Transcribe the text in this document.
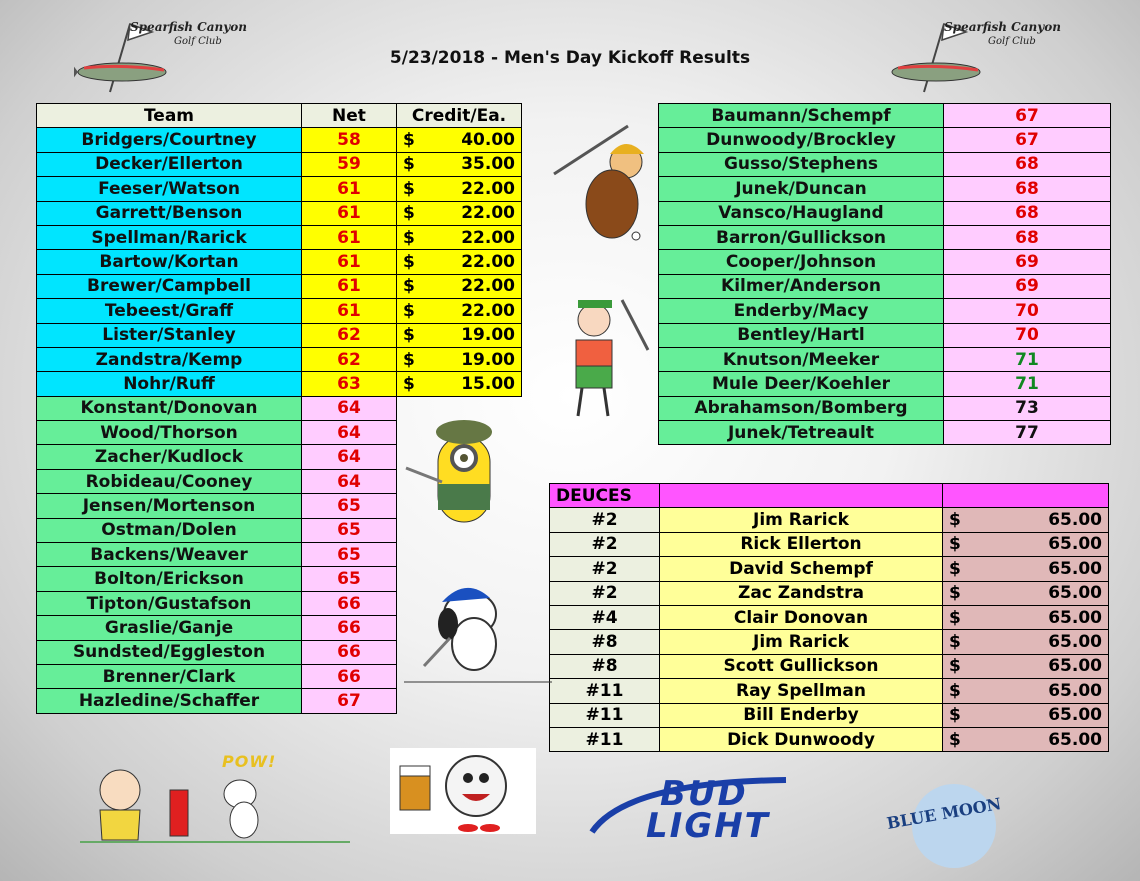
5/23/2018 - Men's Day Kickoff Results
Spearfish Canyon
Golf Club
Spearfish Canyon
Golf Club
Team	Net	Credit/Ea.
Bridgers/Courtney	58	$ 40.00

Decker/Ellerton	59	$ 35.00

Feeser/Watson	61	$ 22.00

Garrett/Benson	61	$ 22.00

Spellman/Rarick	61	$ 22.00

Bartow/Kortan	61	$ 22.00

Brewer/Campbell	61	$ 22.00

Tebeest/Graff	61	$ 22.00

Lister/Stanley	62	$ 19.00

Zandstra/Kemp	62	$ 19.00

Nohr/Ruff	63	$ 15.00

Konstant/Donovan	64	
Wood/Thorson	64	
Zacher/Kudlock	64	
Robideau/Cooney	64	
Jensen/Mortenson	65	
Ostman/Dolen	65	
Backens/Weaver	65	
Bolton/Erickson	65	
Tipton/Gustafson	66	
Graslie/Ganje	66	
Sundsted/Eggleston	66	
Brenner/Clark	66	
Hazledine/Schaffer	67	
Baumann/Schempf	67
Dunwoody/Brockley	67
Gusso/Stephens	68
Junek/Duncan	68
Vansco/Haugland	68
Barron/Gullickson	68
Cooper/Johnson	69
Kilmer/Anderson	69
Enderby/Macy	70
Bentley/Hartl	70
Knutson/Meeker	71
Mule Deer/Koehler	71
Abrahamson/Bomberg	73
Junek/Tetreault	77
DEUCES		
#2	Jim Rarick	$ 65.00

#2	Rick Ellerton	$ 65.00

#2	David Schempf	$ 65.00

#2	Zac Zandstra	$ 65.00

#4	Clair Donovan	$ 65.00

#8	Jim Rarick	$ 65.00

#8	Scott Gullickson	$ 65.00

#11	Ray Spellman	$ 65.00

#11	Bill Enderby	$ 65.00

#11	Dick Dunwoody	$ 65.00
POW!
BUD
LIGHT	BLUE MOON
